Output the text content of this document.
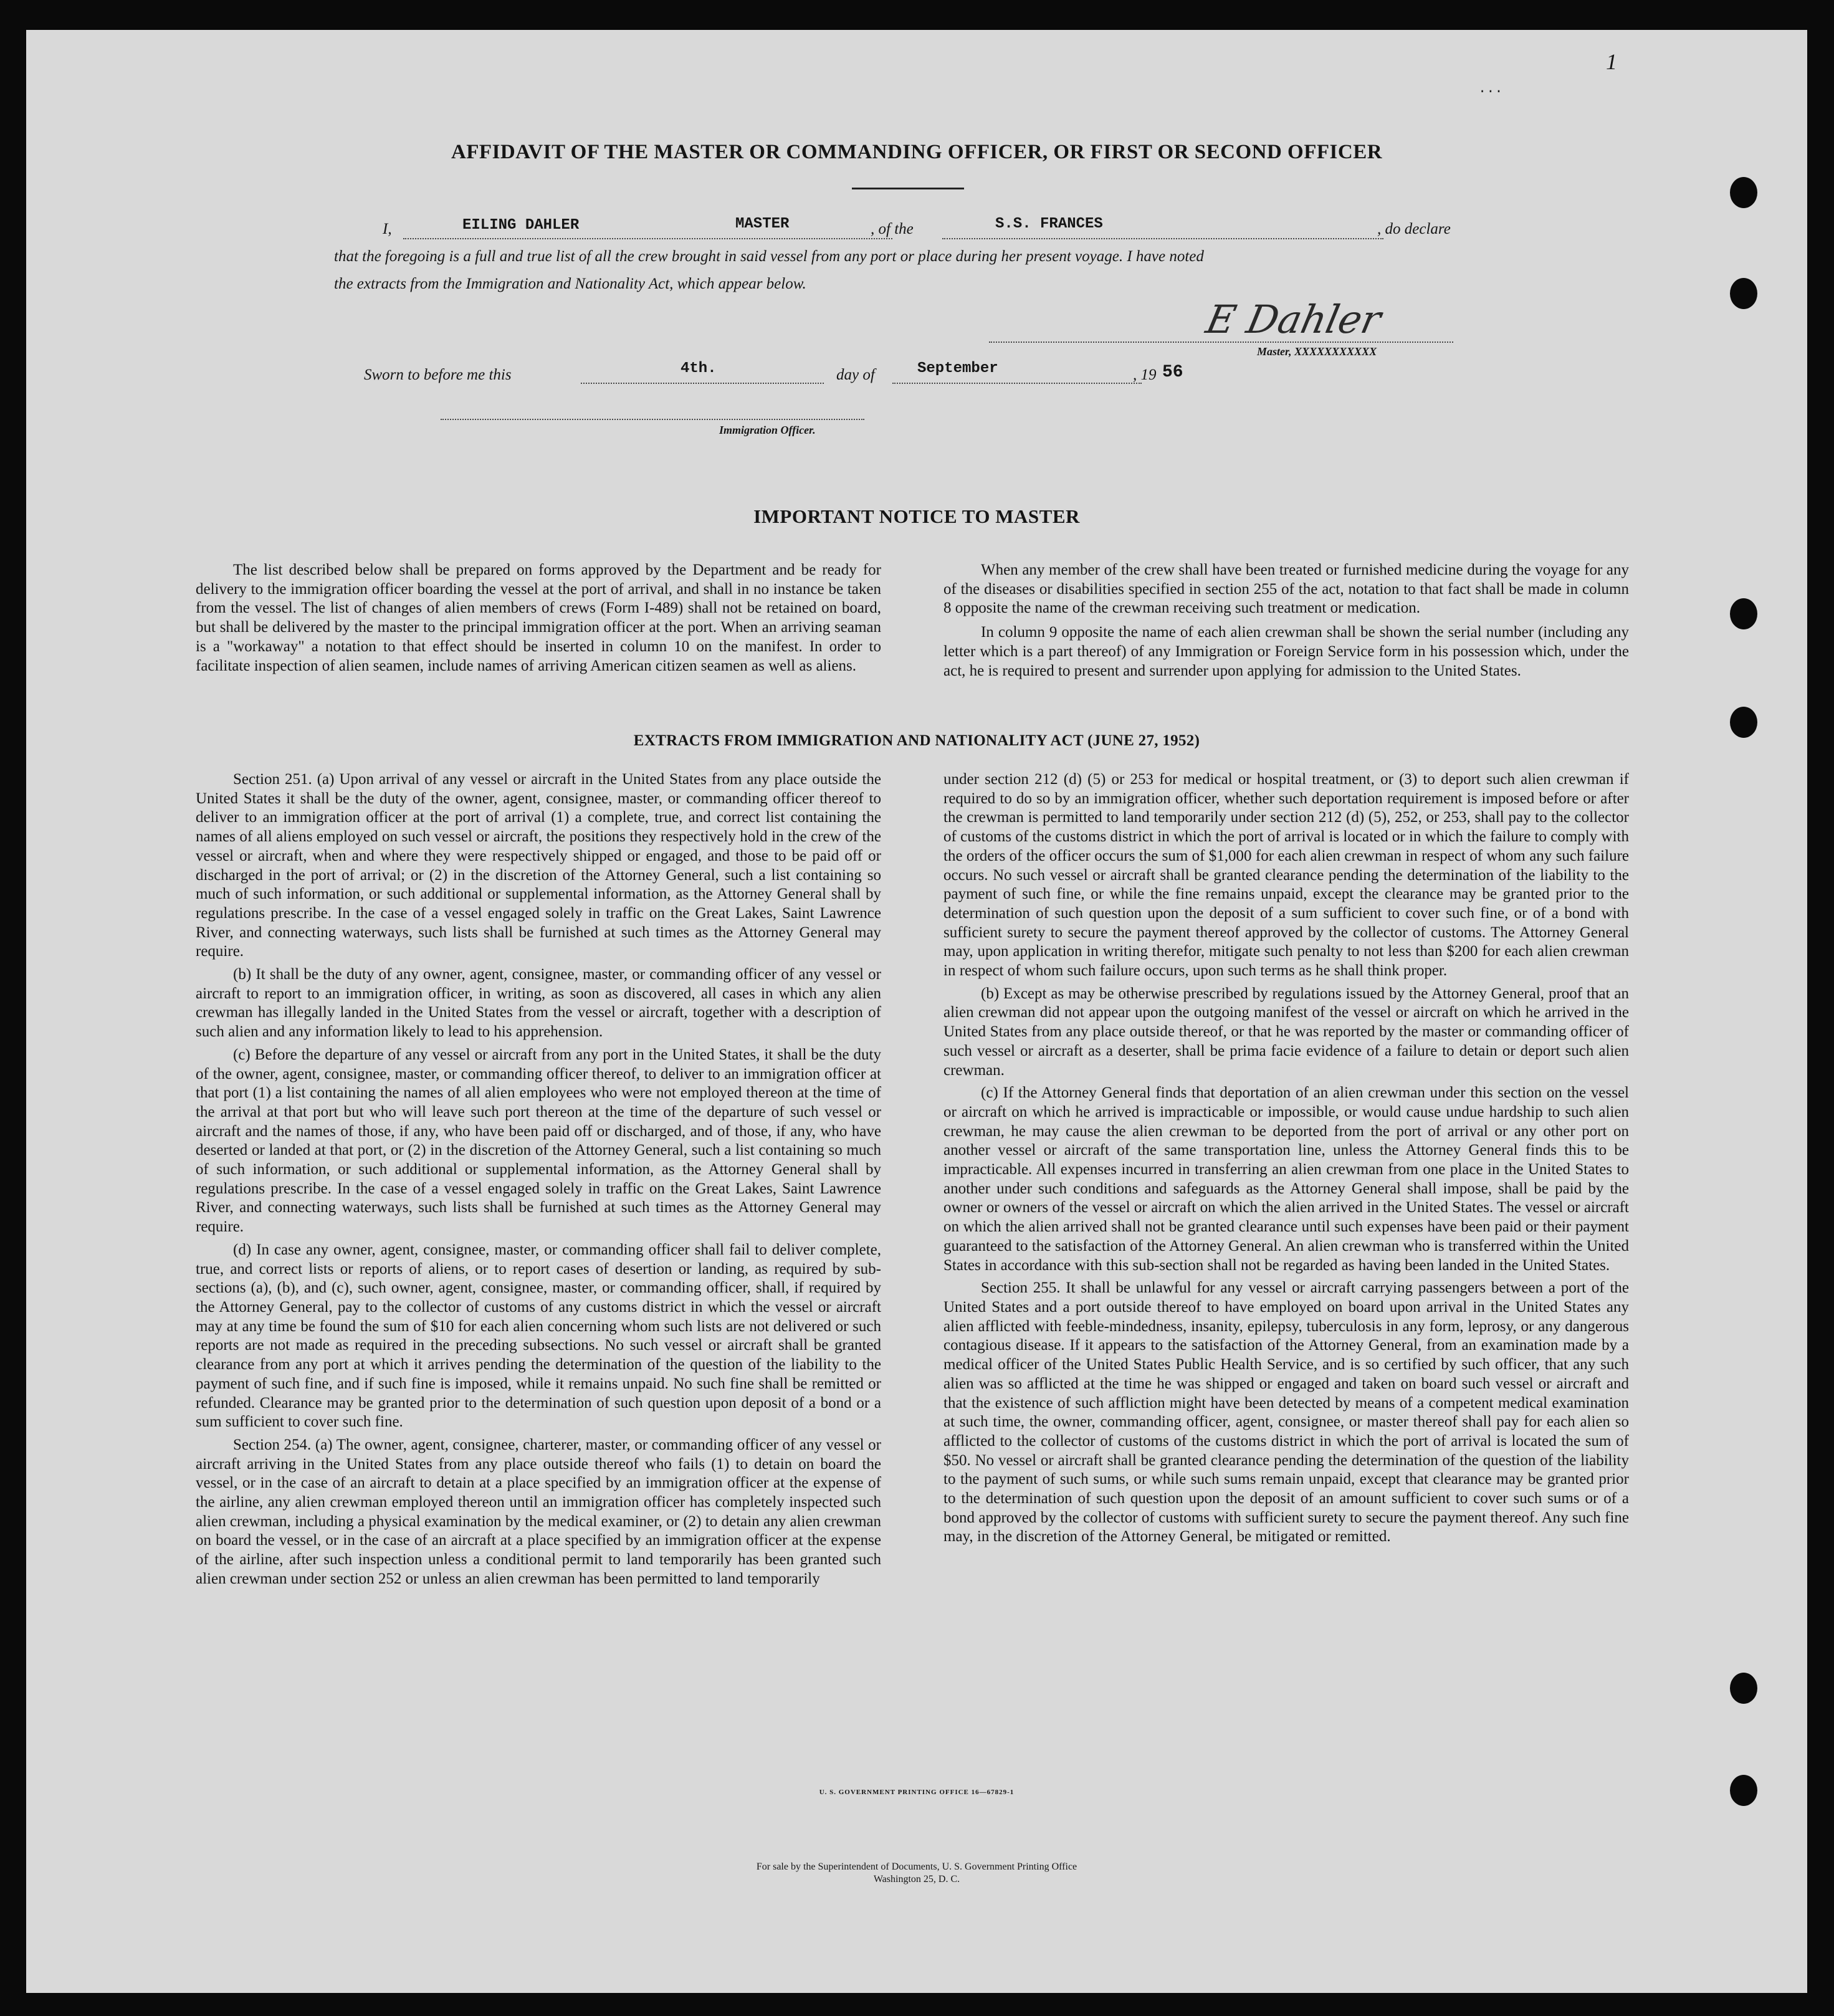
...
1
AFFIDAVIT OF THE MASTER OR COMMANDING OFFICER, OR FIRST OR SECOND OFFICER
I,	EILING DAHLER	MASTER	, of the	S.S. FRANCES	, do declare
that the foregoing is a full and true list of all the crew brought in said vessel from any port or place during her present voyage. I have noted
the extracts from the Immigration and Nationality Act, which appear below.
E Dahler
Master, XXXXXXXXXXX
Sworn to before me this	4th.	day of	September	, 19 56
Immigration Officer.
IMPORTANT NOTICE TO MASTER

The list described below shall be prepared on forms approved by the Department and be ready for delivery to the immigration officer boarding the vessel at the port of arrival, and shall in no instance be taken from the vessel. The list of changes of alien members of crews (Form I-489) shall not be retained on board, but shall be delivered by the master to the principal immigration officer at the port. When an arriving seaman is a "workaway" a notation to that effect should be inserted in column 10 on the manifest. In order to facilitate inspection of alien seamen, include names of arriving American citizen seamen as well as aliens.

When any member of the crew shall have been treated or furnished medicine during the voyage for any of the diseases or disabilities specified in section 255 of the act, notation to that fact shall be made in column 8 opposite the name of the crewman receiving such treatment or medication.

In column 9 opposite the name of each alien crewman shall be shown the serial number (including any letter which is a part thereof) of any Immigration or Foreign Service form in his possession which, under the act, he is required to present and surrender upon applying for admission to the United States.

EXTRACTS FROM IMMIGRATION AND NATIONALITY ACT (JUNE 27, 1952)

Section 251. (a) Upon arrival of any vessel or aircraft in the United States from any place outside the United States it shall be the duty of the owner, agent, consignee, master, or commanding officer thereof to deliver to an immigration officer at the port of arrival (1) a complete, true, and correct list containing the names of all aliens employed on such vessel or aircraft, the positions they respectively hold in the crew of the vessel or aircraft, when and where they were respectively shipped or engaged, and those to be paid off or discharged in the port of arrival; or (2) in the discretion of the Attorney General, such a list containing so much of such information, or such additional or supplemental information, as the Attorney General shall by regulations prescribe. In the case of a vessel engaged solely in traffic on the Great Lakes, Saint Lawrence River, and connecting waterways, such lists shall be furnished at such times as the Attorney General may require.

(b) It shall be the duty of any owner, agent, consignee, master, or commanding officer of any vessel or aircraft to report to an immigration officer, in writing, as soon as discovered, all cases in which any alien crewman has illegally landed in the United States from the vessel or aircraft, together with a description of such alien and any information likely to lead to his apprehension.

(c) Before the departure of any vessel or aircraft from any port in the United States, it shall be the duty of the owner, agent, consignee, master, or commanding officer thereof, to deliver to an immigration officer at that port (1) a list containing the names of all alien employees who were not employed thereon at the time of the arrival at that port but who will leave such port thereon at the time of the departure of such vessel or aircraft and the names of those, if any, who have been paid off or discharged, and of those, if any, who have deserted or landed at that port, or (2) in the discretion of the Attorney General, such a list containing so much of such information, or such additional or supplemental information, as the Attorney General shall by regulations prescribe. In the case of a vessel engaged solely in traffic on the Great Lakes, Saint Lawrence River, and connecting waterways, such lists shall be furnished at such times as the Attorney General may require.

(d) In case any owner, agent, consignee, master, or commanding officer shall fail to deliver complete, true, and correct lists or reports of aliens, or to report cases of desertion or landing, as required by sub-sections (a), (b), and (c), such owner, agent, consignee, master, or commanding officer, shall, if required by the Attorney General, pay to the collector of customs of any customs district in which the vessel or aircraft may at any time be found the sum of $10 for each alien concerning whom such lists are not delivered or such reports are not made as required in the preceding subsections. No such vessel or aircraft shall be granted clearance from any port at which it arrives pending the determination of the question of the liability to the payment of such fine, and if such fine is imposed, while it remains unpaid. No such fine shall be remitted or refunded. Clearance may be granted prior to the determination of such question upon deposit of a bond or a sum sufficient to cover such fine.

Section 254. (a) The owner, agent, consignee, charterer, master, or commanding officer of any vessel or aircraft arriving in the United States from any place outside thereof who fails (1) to detain on board the vessel, or in the case of an aircraft to detain at a place specified by an immigration officer at the expense of the airline, any alien crewman employed thereon until an immigration officer has completely inspected such alien crewman, including a physical examination by the medical examiner, or (2) to detain any alien crewman on board the vessel, or in the case of an aircraft at a place specified by an immigration officer at the expense of the airline, after such inspection unless a conditional permit to land temporarily has been granted such alien crewman under section 252 or unless an alien crewman has been permitted to land temporarily

under section 212 (d) (5) or 253 for medical or hospital treatment, or (3) to deport such alien crewman if required to do so by an immigration officer, whether such deportation requirement is imposed before or after the crewman is permitted to land temporarily under section 212 (d) (5), 252, or 253, shall pay to the collector of customs of the customs district in which the port of arrival is located or in which the failure to comply with the orders of the officer occurs the sum of $1,000 for each alien crewman in respect of whom any such failure occurs. No such vessel or aircraft shall be granted clearance pending the determination of the liability to the payment of such fine, or while the fine remains unpaid, except the clearance may be granted prior to the determination of such question upon the deposit of a sum sufficient to cover such fine, or of a bond with sufficient surety to secure the payment thereof approved by the collector of customs. The Attorney General may, upon application in writing therefor, mitigate such penalty to not less than $200 for each alien crewman in respect of whom such failure occurs, upon such terms as he shall think proper.

(b) Except as may be otherwise prescribed by regulations issued by the Attorney General, proof that an alien crewman did not appear upon the outgoing manifest of the vessel or aircraft on which he arrived in the United States from any place outside thereof, or that he was reported by the master or commanding officer of such vessel or aircraft as a deserter, shall be prima facie evidence of a failure to detain or deport such alien crewman.

(c) If the Attorney General finds that deportation of an alien crewman under this section on the vessel or aircraft on which he arrived is impracticable or impossible, or would cause undue hardship to such alien crewman, he may cause the alien crewman to be deported from the port of arrival or any other port on another vessel or aircraft of the same transportation line, unless the Attorney General finds this to be impracticable. All expenses incurred in transferring an alien crewman from one place in the United States to another under such conditions and safeguards as the Attorney General shall impose, shall be paid by the owner or owners of the vessel or aircraft on which the alien arrived in the United States. The vessel or aircraft on which the alien arrived shall not be granted clearance until such expenses have been paid or their payment guaranteed to the satisfaction of the Attorney General. An alien crewman who is transferred within the United States in accordance with this sub-section shall not be regarded as having been landed in the United States.

Section 255. It shall be unlawful for any vessel or aircraft carrying passengers between a port of the United States and a port outside thereof to have employed on board upon arrival in the United States any alien afflicted with feeble-mindedness, insanity, epilepsy, tuberculosis in any form, leprosy, or any dangerous contagious disease. If it appears to the satisfaction of the Attorney General, from an examination made by a medical officer of the United States Public Health Service, and is so certified by such officer, that any such alien was so afflicted at the time he was shipped or engaged and taken on board such vessel or aircraft and that the existence of such affliction might have been detected by means of a competent medical examination at such time, the owner, commanding officer, agent, consignee, or master thereof shall pay for each alien so afflicted to the collector of customs of the customs district in which the port of arrival is located the sum of $50. No vessel or aircraft shall be granted clearance pending the determination of the question of the liability to the payment of such sums, or while such sums remain unpaid, except that clearance may be granted prior to the determination of such question upon the deposit of an amount sufficient to cover such sums or of a bond approved by the collector of customs with sufficient surety to secure the payment thereof. Any such fine may, in the discretion of the Attorney General, be mitigated or remitted.

U. S. GOVERNMENT PRINTING OFFICE 16—67829-1
For sale by the Superintendent of Documents, U. S. Government Printing Office
Washington 25, D. C.
